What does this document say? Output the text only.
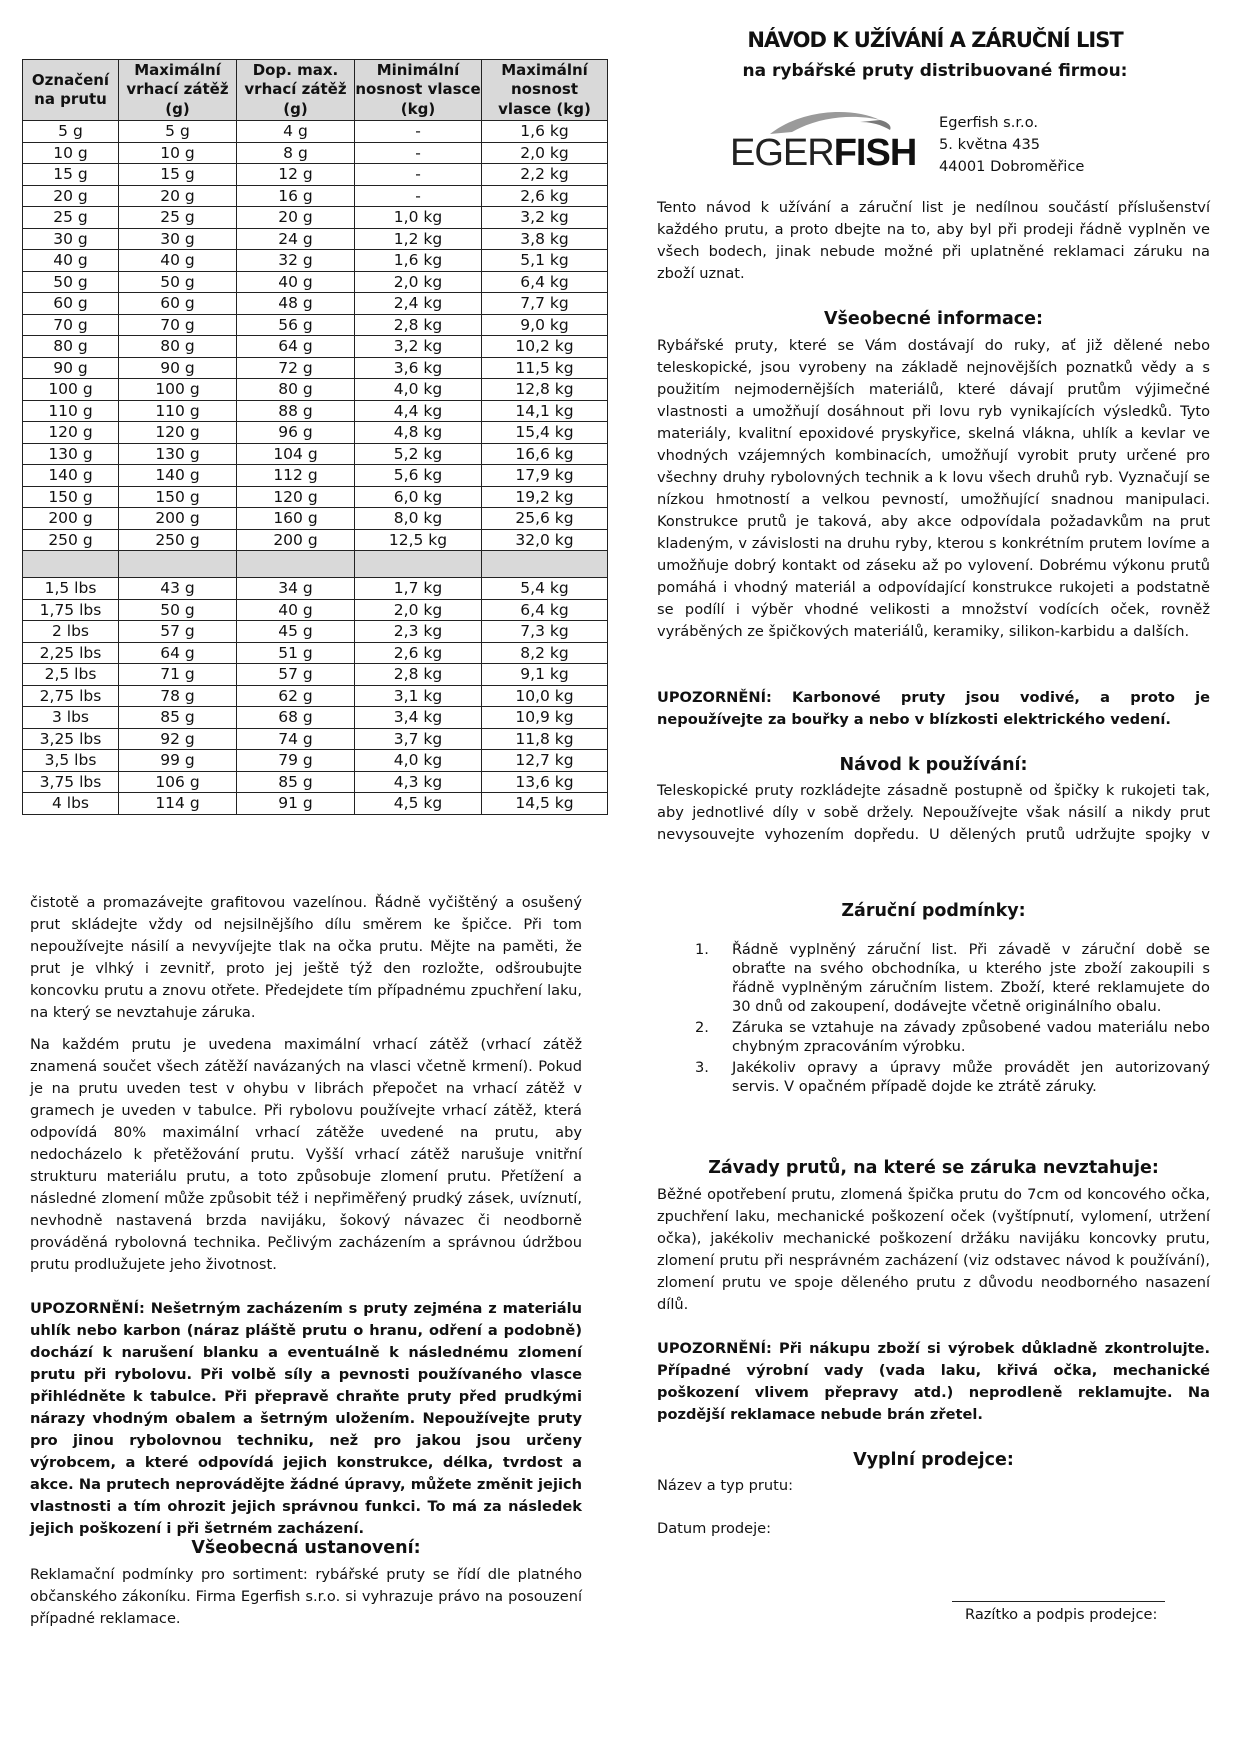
Označení na prutu	Maximální vrhací zátěž (g)	Dop. max. vrhací zátěž (g)	Minimální nosnost vlasce (kg)	Maximální nosnost vlasce (kg)
5 g	5 g	4 g	-	1,6 kg
10 g	10 g	8 g	-	2,0 kg
15 g	15 g	12 g	-	2,2 kg
20 g	20 g	16 g	-	2,6 kg
25 g	25 g	20 g	1,0 kg	3,2 kg
30 g	30 g	24 g	1,2 kg	3,8 kg
40 g	40 g	32 g	1,6 kg	5,1 kg
50 g	50 g	40 g	2,0 kg	6,4 kg
60 g	60 g	48 g	2,4 kg	7,7 kg
70 g	70 g	56 g	2,8 kg	9,0 kg
80 g	80 g	64 g	3,2 kg	10,2 kg
90 g	90 g	72 g	3,6 kg	11,5 kg
100 g	100 g	80 g	4,0 kg	12,8 kg
110 g	110 g	88 g	4,4 kg	14,1 kg
120 g	120 g	96 g	4,8 kg	15,4 kg
130 g	130 g	104 g	5,2 kg	16,6 kg
140 g	140 g	112 g	5,6 kg	17,9 kg
150 g	150 g	120 g	6,0 kg	19,2 kg
200 g	200 g	160 g	8,0 kg	25,6 kg
250 g	250 g	200 g	12,5 kg	32,0 kg

1,5 lbs	43 g	34 g	1,7 kg	5,4 kg
1,75 lbs	50 g	40 g	2,0 kg	6,4 kg
2 lbs	57 g	45 g	2,3 kg	7,3 kg
2,25 lbs	64 g	51 g	2,6 kg	8,2 kg
2,5 lbs	71 g	57 g	2,8 kg	9,1 kg
2,75 lbs	78 g	62 g	3,1 kg	10,0 kg
3 lbs	85 g	68 g	3,4 kg	10,9 kg
3,25 lbs	92 g	74 g	3,7 kg	11,8 kg
3,5 lbs	99 g	79 g	4,0 kg	12,7 kg
3,75 lbs	106 g	85 g	4,3 kg	13,6 kg
4 lbs	114 g	91 g	4,5 kg	14,5 kg
NÁVOD K UŽÍVÁNÍ A ZÁRUČNÍ LIST
na rybářské pruty distribuované firmou:
EGERFISH
Egerfish s.r.o.
5. května 435
44001 Dobroměřice
Tento návod k užívání a záruční list je nedílnou součástí příslušenství každého prutu, a proto dbejte na to, aby byl při prodeji řádně vyplněn ve všech bodech, jinak nebude možné při uplatněné reklamaci záruku na zboží uznat.
Všeobecné informace:
Rybářské pruty, které se Vám dostávají do ruky, ať již dělené nebo teleskopické, jsou vyrobeny na základě nejnovějších poznatků vědy a s použitím nejmodernějších materiálů, které dávají prutům výjimečné vlastnosti a umožňují dosáhnout při lovu ryb vynikajících výsledků. Tyto materiály, kvalitní epoxidové pryskyřice, skelná vlákna, uhlík a kevlar ve vhodných vzájemných kombinacích, umožňují vyrobit pruty určené pro všechny druhy rybolovných technik a k lovu všech druhů ryb. Vyznačují se nízkou hmotností a velkou pevností, umožňující snadnou manipulaci. Konstrukce prutů je taková, aby akce odpovídala požadavkům na prut kladeným, v závislosti na druhu ryby, kterou s konkrétním prutem lovíme a umožňuje dobrý kontakt od záseku až po vylovení. Dobrému výkonu prutů pomáhá i vhodný materiál a odpovídající konstrukce rukojeti a podstatně se podílí i výběr vhodné velikosti a množství vodících oček, rovněž vyráběných ze špičkových materiálů, keramiky, silikon-karbidu a dalších.
UPOZORNĚNÍ: Karbonové pruty jsou vodivé, a proto je nepoužívejte za bouřky a nebo v blízkosti elektrického vedení.
Návod k používání:
Teleskopické pruty rozkládejte zásadně postupně od špičky k rukojeti tak, aby jednotlivé díly v sobě držely. Nepoužívejte však násilí a nikdy prut nevysouvejte vyhozením dopředu. U dělených prutů udržujte spojky v
čistotě a promazávejte grafitovou vazelínou. Řádně vyčištěný a osušený prut skládejte vždy od nejsilnějšího dílu směrem ke špičce. Při tom nepoužívejte násilí a nevyvíjejte tlak na očka prutu. Mějte na paměti, že prut je vlhký i zevnitř, proto jej ještě týž den rozložte, odšroubujte koncovku prutu a znovu otřete. Předejdete tím případnému zpuchření laku, na který se nevztahuje záruka.
Na každém prutu je uvedena maximální vrhací zátěž (vrhací zátěž znamená součet všech zátěží navázaných na vlasci včetně krmení). Pokud je na prutu uveden test v ohybu v librách přepočet na vrhací zátěž v gramech je uveden v tabulce. Při rybolovu používejte vrhací zátěž, která odpovídá 80% maximální vrhací zátěže uvedené na prutu, aby nedocházelo k přetěžování prutu. Vyšší vrhací zátěž narušuje vnitřní strukturu materiálu prutu, a toto způsobuje zlomení prutu. Přetížení a následné zlomení může způsobit též i nepřiměřený prudký zásek, uvíznutí, nevhodně nastavená brzda navijáku, šokový návazec či neodborně prováděná rybolovná technika. Pečlivým zacházením a správnou údržbou prutu prodlužujete jeho životnost.
UPOZORNĚNÍ: Nešetrným zacházením s pruty zejména z materiálu uhlík nebo karbon (náraz pláště prutu o hranu, odření a podobně) dochází k narušení blanku a eventuálně k následnému zlomení prutu při rybolovu. Při volbě síly a pevnosti používaného vlasce přihlédněte k tabulce. Při přepravě chraňte pruty před prudkými nárazy vhodným obalem a šetrným uložením. Nepoužívejte pruty pro jinou rybolovnou techniku, než pro jakou jsou určeny výrobcem, a které odpovídá jejich konstrukce, délka, tvrdost a akce. Na prutech neprovádějte žádné úpravy, můžete změnit jejich vlastnosti a tím ohrozit jejich správnou funkci. To má za následek jejich poškození i při šetrném zacházení.
Všeobecná ustanovení:
Reklamační podmínky pro sortiment: rybářské pruty se řídí dle platného občanského zákoníku. Firma Egerfish s.r.o. si vyhrazuje právo na posouzení případné reklamace.
Záruční podmínky:
1. Řádně vyplněný záruční list. Při závadě v záruční době se obraťte na svého obchodníka, u kterého jste zboží zakoupili s řádně vyplněným záručním listem. Zboží, které reklamujete do 30 dnů od zakoupení, dodávejte včetně originálního obalu.
2. Záruka se vztahuje na závady způsobené vadou materiálu nebo chybným zpracováním výrobku.
3. Jakékoliv opravy a úpravy může provádět jen autorizovaný servis. V opačném případě dojde ke ztrátě záruky.
Závady prutů, na které se záruka nevztahuje:
Běžné opotřebení prutu, zlomená špička prutu do 7cm od koncového očka, zpuchření laku, mechanické poškození oček (vyštípnutí, vylomení, utržení očka), jakékoliv mechanické poškození držáku navijáku koncovky prutu, zlomení prutu při nesprávném zacházení (viz odstavec návod k používání), zlomení prutu ve spoje děleného prutu z důvodu neodborného nasazení dílů.
UPOZORNĚNÍ: Při nákupu zboží si výrobek důkladně zkontrolujte. Případné výrobní vady (vada laku, křivá očka, mechanické poškození vlivem přepravy atd.) neprodleně reklamujte. Na pozdější reklamace nebude brán zřetel.
Vyplní prodejce:
Název a typ prutu:
Datum prodeje:
Razítko a podpis prodejce:
